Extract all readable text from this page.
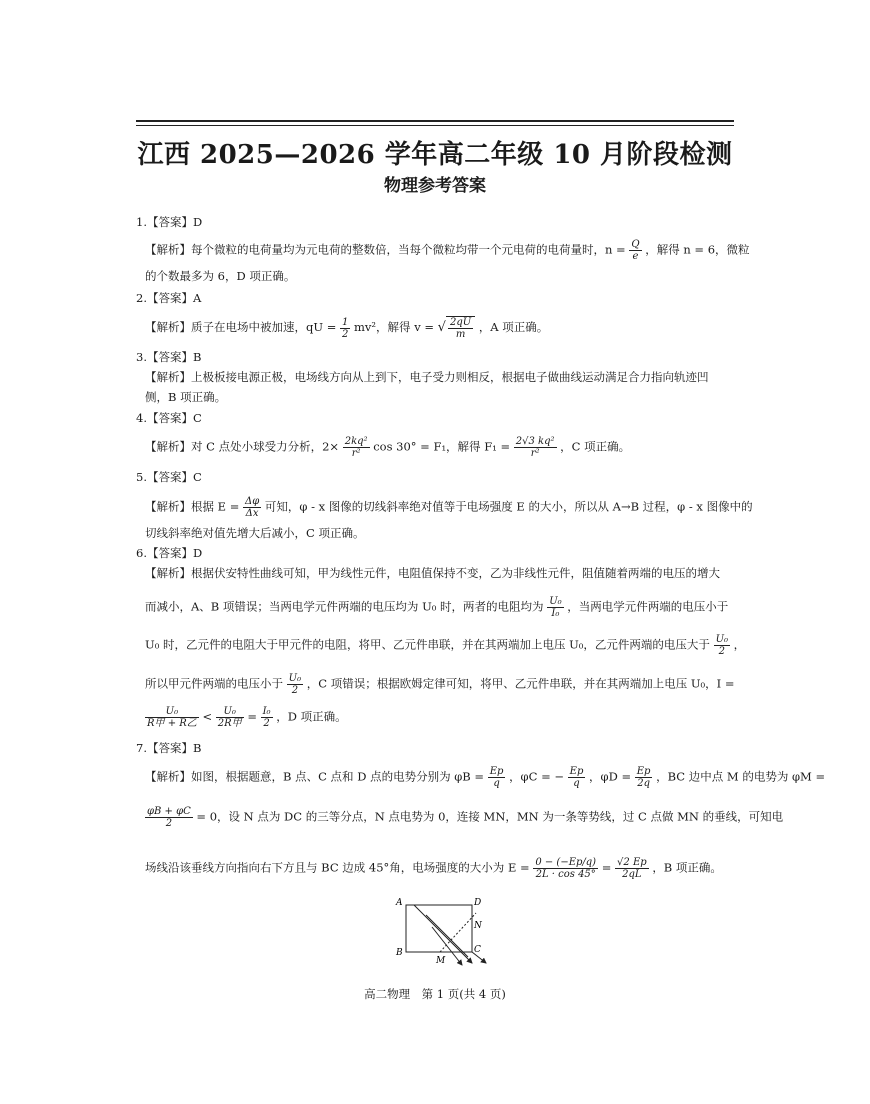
江西 2025—2026 学年高二年级 10 月阶段检测
物理参考答案
1.【答案】D
【解析】每个微粒的电荷量均为元电荷的整数倍，当每个微粒均带一个元电荷的电荷量时，$n = \frac{Q}{e}$ ，解得 n = 6，微粒
的个数最多为 6，D 项正确。
2.【答案】A
【解析】质子在电场中被加速，qU = $\frac{1}{2} mv^2$，解得 v = √ $\frac{2qU}{m}$ ，A 项正确。
3.【答案】B
【解析】上极板接电源正极，电场线方向从上到下，电子受力则相反，根据电子做曲线运动满足合力指向轨迹凹
侧，B 项正确。
4.【答案】C
【解析】对 C 点处小球受力分析，$2\times \frac{\text{2kq²}}{\text{r²}}$ cos 30° = F₁，解得 $F_1 = \frac{\text{2√3 kq²}}{\text{r²}}$ ，C 项正确。
5.【答案】C
【解析】根据 $E = \frac{\Delta\varphi}{\Delta x}$ 可知，φ - x 图像的切线斜率绝对值等于电场强度 E 的大小，所以从 A→B 过程，φ - x 图像中的
切线斜率绝对值先增大后减小，C 项正确。
6.【答案】D
【解析】根据伏安特性曲线可知，甲为线性元件，电阻值保持不变，乙为非线性元件，阻值随着两端的电压的增大
而减小，A、B 项错误；当两电学元件两端的电压均为 U₀ 时，两者的电阻均为 $\frac{\text{U₀}}{\text{I₀}}$ ，当两电学元件两端的电压小于
U₀ 时，乙元件的电阻大于甲元件的电阻，将甲、乙元件串联，并在其两端加上电压 U₀，乙元件两端的电压大于 $\frac{\text{U₀}}{2}$ ，
所以甲元件两端的电压小于 $\frac{\text{U₀}}{2}$ ，C 项错误；根据欧姆定律可知，将甲、乙元件串联，并在其两端加上电压 U₀，I =
$\frac{\text{U₀}}{\text{R甲 + R乙}} < \frac{\text{U₀}}{\text{2R甲}} = \frac{\text{I₀}}{2}$ ，D 项正确。
7.【答案】B
【解析】如图，根据题意，B 点、C 点和 D 点的电势分别为 $\varphi B = \frac{Ep}{q}$ ，φC = − $\frac{Ep}{q}$ ，$\varphi D = \frac{Ep}{2q}$ ，BC 边中点 M 的电势为 φM =
$\frac{\varphi B + \varphi C}{2} = 0$，设 N 点为 DC 的三等分点，N 点电势为 0，连接 MN，MN 为一条等势线，过 C 点做 MN 的垂线，可知电
场线沿该垂线方向指向右下方且与 BC 边成 45°角，电场强度的大小为 $E = \frac{0 - (-Ep/q)}{2L \cdot \cos 45^\circ} = \frac{√2 Ep}{2qL}$ ，B 项正确。
A
B	C
D
M
N
高二物理　第 1 页(共 4 页)
